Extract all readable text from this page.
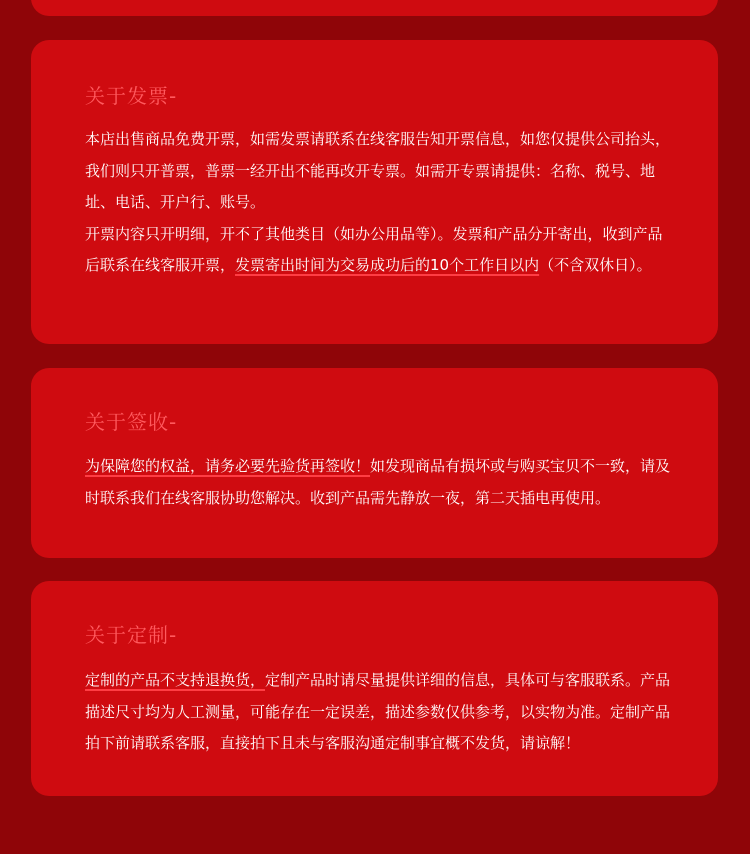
关于发票-

本店出售商品免费开票，如需发票请联系在线客服告知开票信息，如您仅提供公司抬头，我们则只开普票，普票一经开出不能再改开专票。如需开专票请提供：名称、税号、地址、电话、开户行、账号。
开票内容只开明细，开不了其他类目（如办公用品等）。发票和产品分开寄出，收到产品后联系在线客服开票，发票寄出时间为交易成功后的10个工作日以内（不含双休日）。

关于签收-

为保障您的权益，请务必要先验货再签收！如发现商品有损坏或与购买宝贝不一致，请及时联系我们在线客服协助您解决。收到产品需先静放一夜，第二天插电再使用。

关于定制-

定制的产品不支持退换货，定制产品时请尽量提供详细的信息，具体可与客服联系。产品描述尺寸均为人工测量，可能存在一定误差，描述参数仅供参考，以实物为准。定制产品拍下前请联系客服，直接拍下且未与客服沟通定制事宜概不发货，请谅解！
